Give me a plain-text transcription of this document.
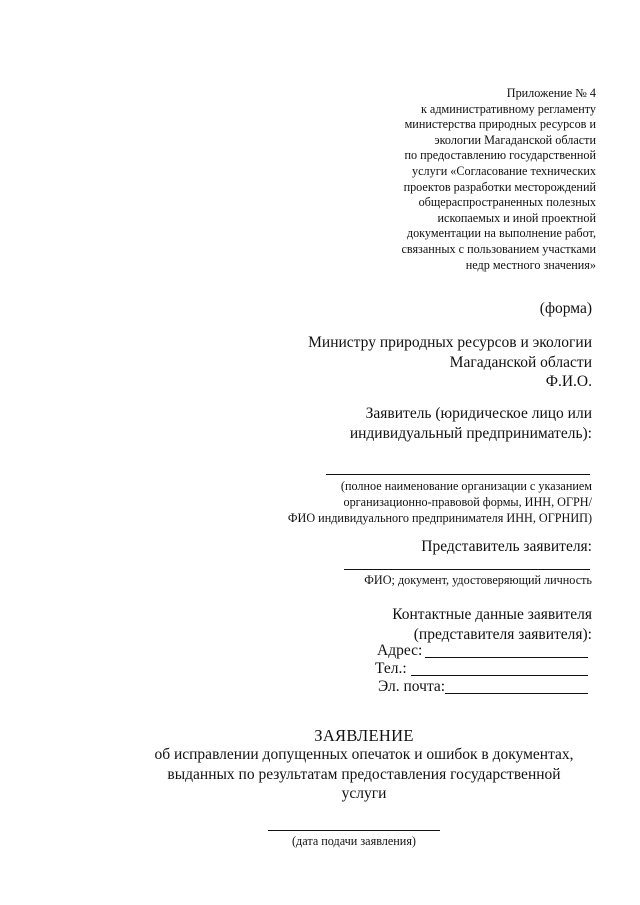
Приложение № 4
к административному регламенту
министерства природных ресурсов и
экологии Магаданской области
по предоставлению государственной
услуги «Согласование технических
проектов разработки месторождений
общераспространенных полезных
ископаемых и иной проектной
документации на выполнение работ,
связанных с пользованием участками
недр местного значения»
(форма)
Министру природных ресурсов и экологии
Магаданской области
Ф.И.О.
Заявитель (юридическое лицо или
индивидуальный предприниматель):
(полное наименование организации с указанием
организационно-правовой формы, ИНН, ОГРН/
ФИО индивидуального предпринимателя ИНН, ОГРНИП)
Представитель заявителя:
ФИО; документ, удостоверяющий личность
Контактные данные заявителя
(представителя заявителя):
Адрес:
Тел.:
Эл. почта:
ЗАЯВЛЕНИЕ
об исправлении допущенных опечаток и ошибок в документах,
выданных по результатам предоставления государственной
услуги
(дата подачи заявления)
